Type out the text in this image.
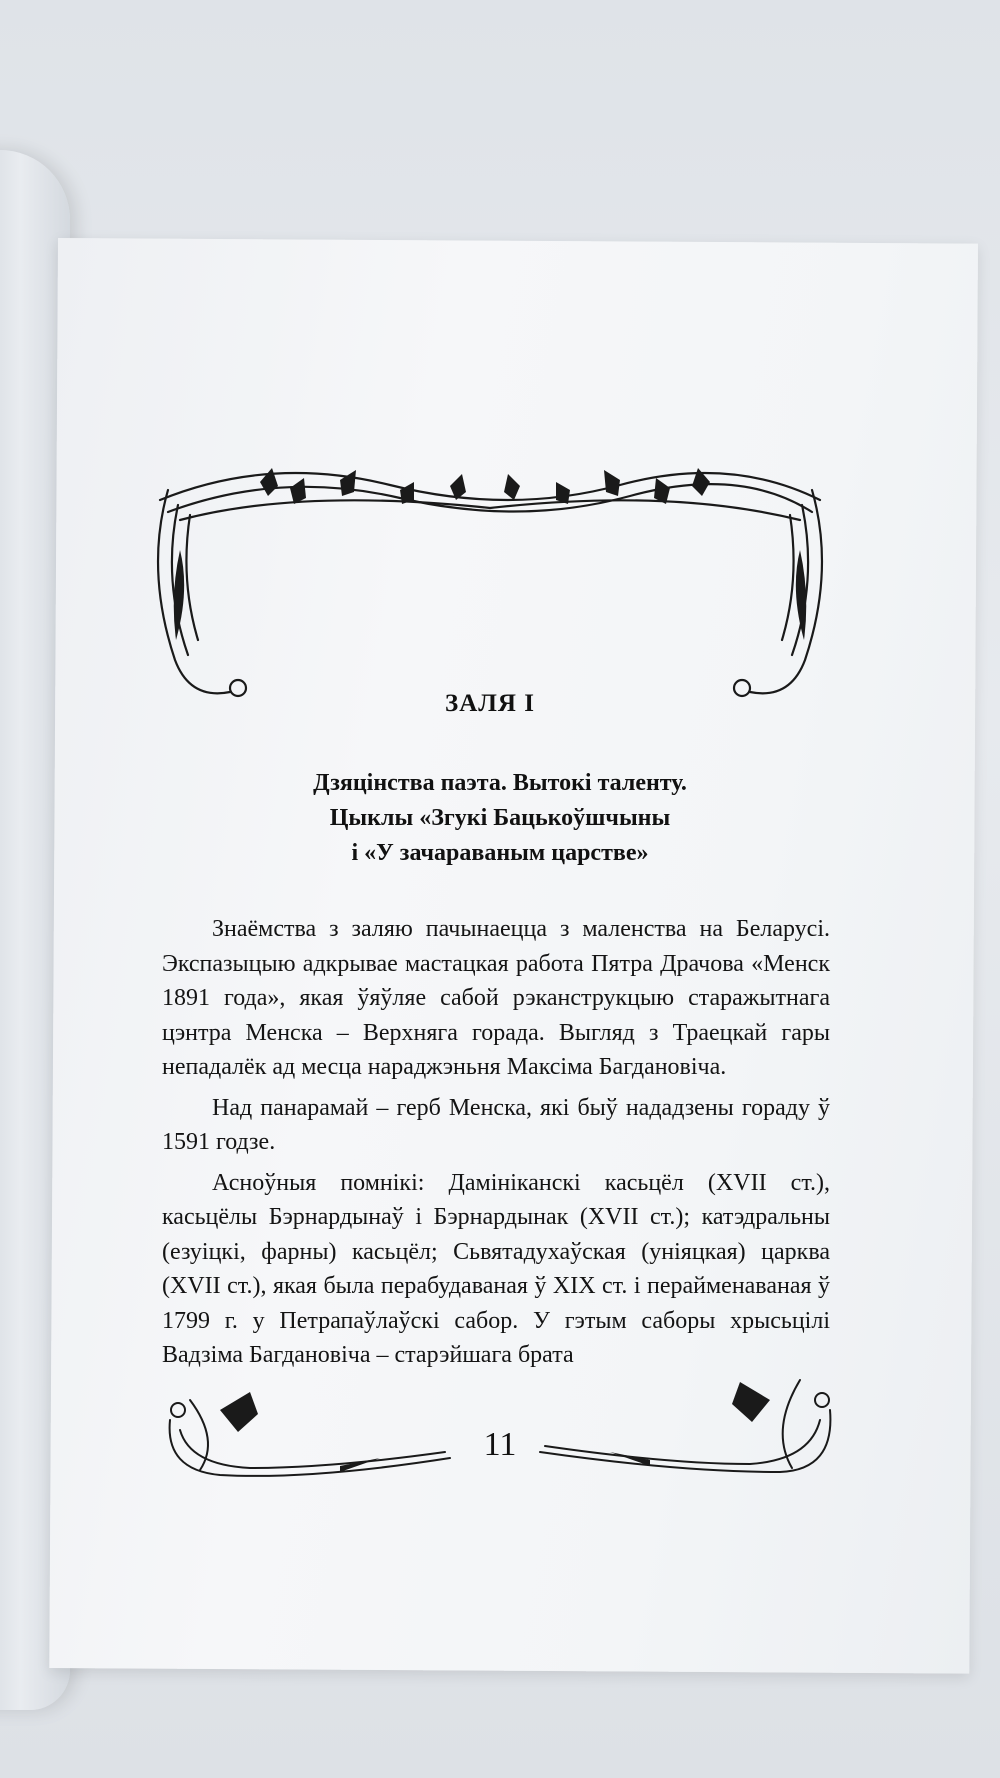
ЗАЛЯ І
Дзяцінства паэта. Вытокі таленту.
Цыклы «Згукі Бацькоўшчыны
і «У зачараваным царстве»

Знаёмства з заляю пачынаецца з маленства на Беларусі. Экспазыцыю адкрывае мастацкая работа Пятра Драчова «Менск 1891 года», якая ўяўляе сабой рэканструкцыю старажытнага цэнтра Менска – Верхняга горада. Выгляд з Траецкай гары непадалёк ад месца нараджэньня Максіма Багдановіча.

Над панарамай – герб Менска, які быў нададзены гораду ў 1591 годзе.

Асноўныя помнікі: Дамініканскі касьцёл (XVII ст.), касьцёлы Бэрнардынаў і Бэрнардынак (XVII ст.); катэдральны (езуіцкі, фарны) касьцёл; Сьвятадухаўская (уніяцкая) царква (XVII ст.), якая была перабудаваная ў XIX ст. і перайменаваная ў 1799 г. у Петрапаўлаўскі сабор. У гэтым саборы хрысьцілі Вадзіма Багдановіча – старэйшага брата

11
